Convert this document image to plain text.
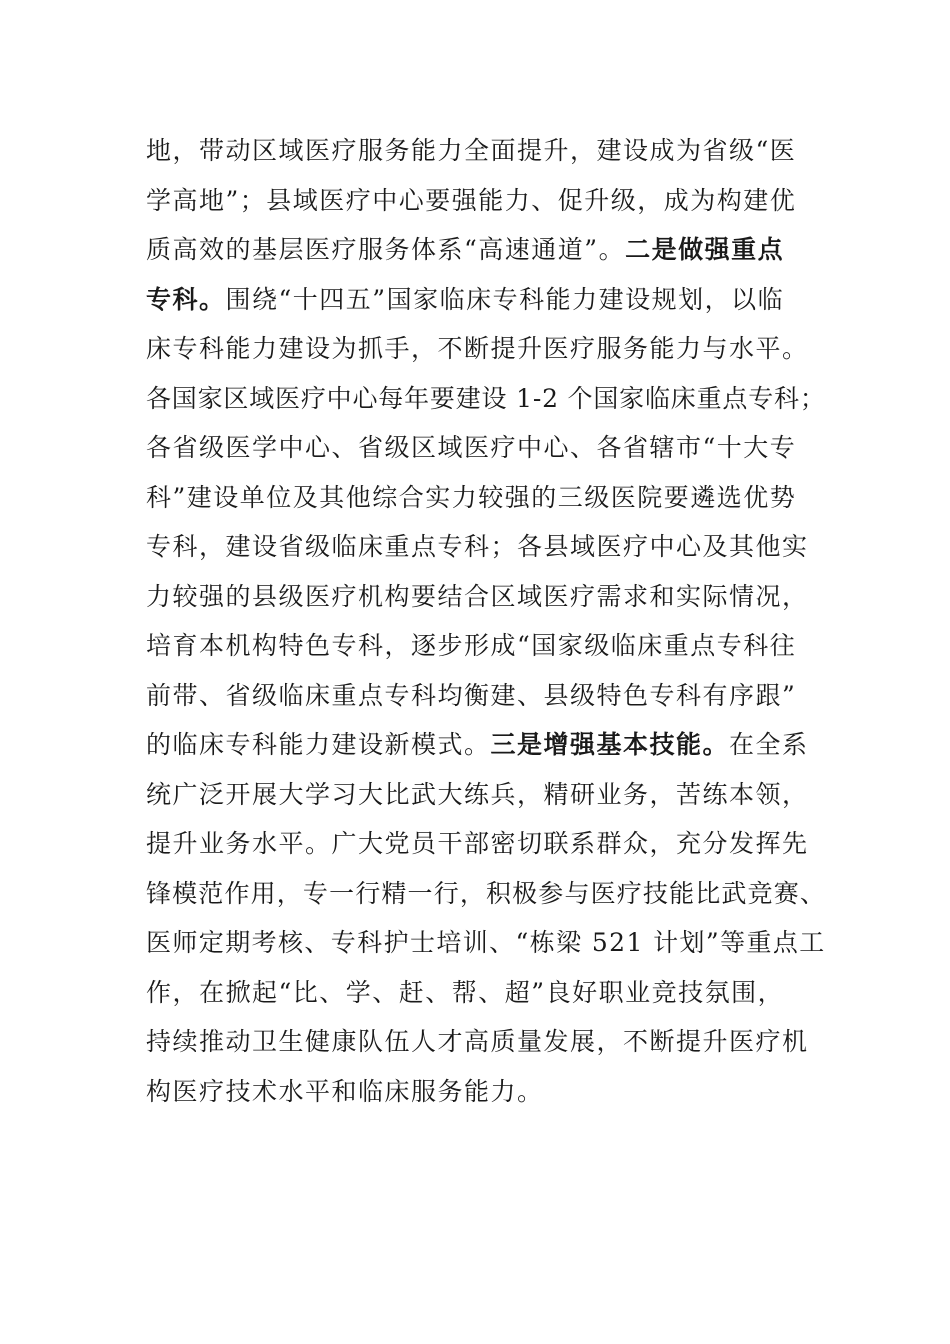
地，带动区域医疗服务能力全面提升，建设成为省级“医
学高地”；县域医疗中心要强能力、促升级，成为构建优
质高效的基层医疗服务体系“高速通道”。二是做强重点
专科。围绕“十四五”国家临床专科能力建设规划，以临
床专科能力建设为抓手，不断提升医疗服务能力与水平。
各国家区域医疗中心每年要建设 1-2 个国家临床重点专科；
各省级医学中心、省级区域医疗中心、各省辖市“十大专
科”建设单位及其他综合实力较强的三级医院要遴选优势
专科，建设省级临床重点专科；各县域医疗中心及其他实
力较强的县级医疗机构要结合区域医疗需求和实际情况，
培育本机构特色专科，逐步形成“国家级临床重点专科往
前带、省级临床重点专科均衡建、县级特色专科有序跟”
的临床专科能力建设新模式。三是增强基本技能。在全系
统广泛开展大学习大比武大练兵，精研业务，苦练本领，
提升业务水平。广大党员干部密切联系群众，充分发挥先
锋模范作用，专一行精一行，积极参与医疗技能比武竞赛、
医师定期考核、专科护士培训、“栋梁 521 计划”等重点工
作，在掀起“比、学、赶、帮、超”良好职业竞技氛围，
持续推动卫生健康队伍人才高质量发展，不断提升医疗机
构医疗技术水平和临床服务能力。
